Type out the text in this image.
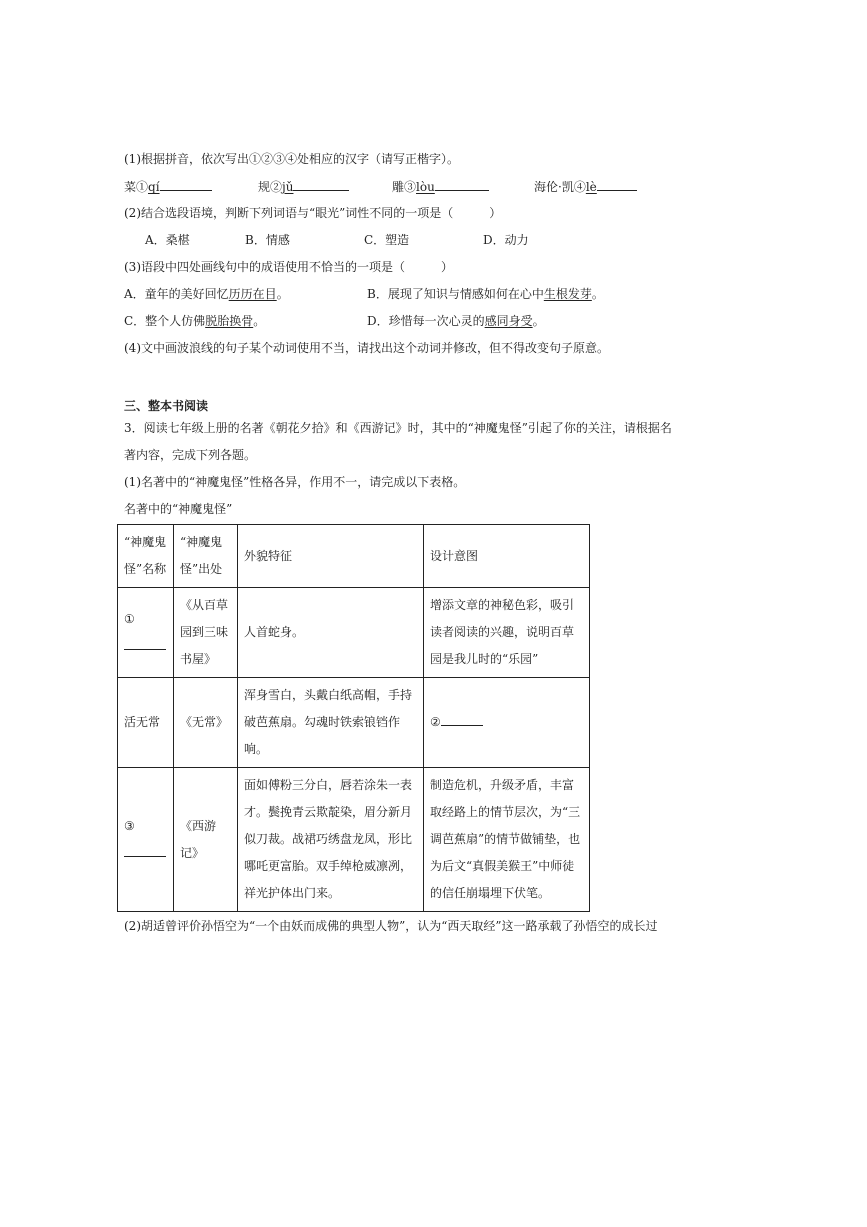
(1)根据拼音，依次写出①②③④处相应的汉字（请写正楷字）。
菜①qí	规②jǔ	雕③lòu	海伦·凯④lè
(2)结合选段语境，判断下列词语与“眼光”词性不同的一项是（　　　）
A．桑椹	B．情感	C．塑造	D．动力
(3)语段中四处画线句中的成语使用不恰当的一项是（　　　）
A．童年的美好回忆历历在目。	B．展现了知识与情感如何在心中生根发芽。
C．整个人仿佛脱胎换骨。	D．珍惜每一次心灵的感同身受。
(4)文中画波浪线的句子某个动词使用不当，请找出这个动词并修改，但不得改变句子原意。
三、整本书阅读
3．阅读七年级上册的名著《朝花夕拾》和《西游记》时，其中的“神魔鬼怪”引起了你的关注，请根据名
著内容，完成下列各题。
(1)名著中的“神魔鬼怪”性格各异，作用不一，请完成以下表格。
名著中的“神魔鬼怪”
“神魔鬼怪”名称	“神魔鬼怪”出处	外貌特征	设计意图
①	《从百草园到三味书屋》	人首蛇身。	增添文章的神秘色彩，吸引读者阅读的兴趣，说明百草园是我儿时的“乐园”
活无常	《无常》	浑身雪白，头戴白纸高帽，手持破芭蕉扇。勾魂时铁索锒铛作响。	②
③	《西游记》	面如傅粉三分白，唇若涂朱一表才。鬓挽青云欺靛染，眉分新月似刀裁。战裙巧绣盘龙凤，形比哪吒更富胎。双手绰枪威凛冽，祥光护体出门来。	制造危机，升级矛盾，丰富取经路上的情节层次，为“三调芭蕉扇”的情节做铺垫，也为后文“真假美猴王”中师徒的信任崩塌埋下伏笔。
(2)胡适曾评价孙悟空为“一个由妖而成佛的典型人物”，认为“西天取经”这一路承载了孙悟空的成长过
